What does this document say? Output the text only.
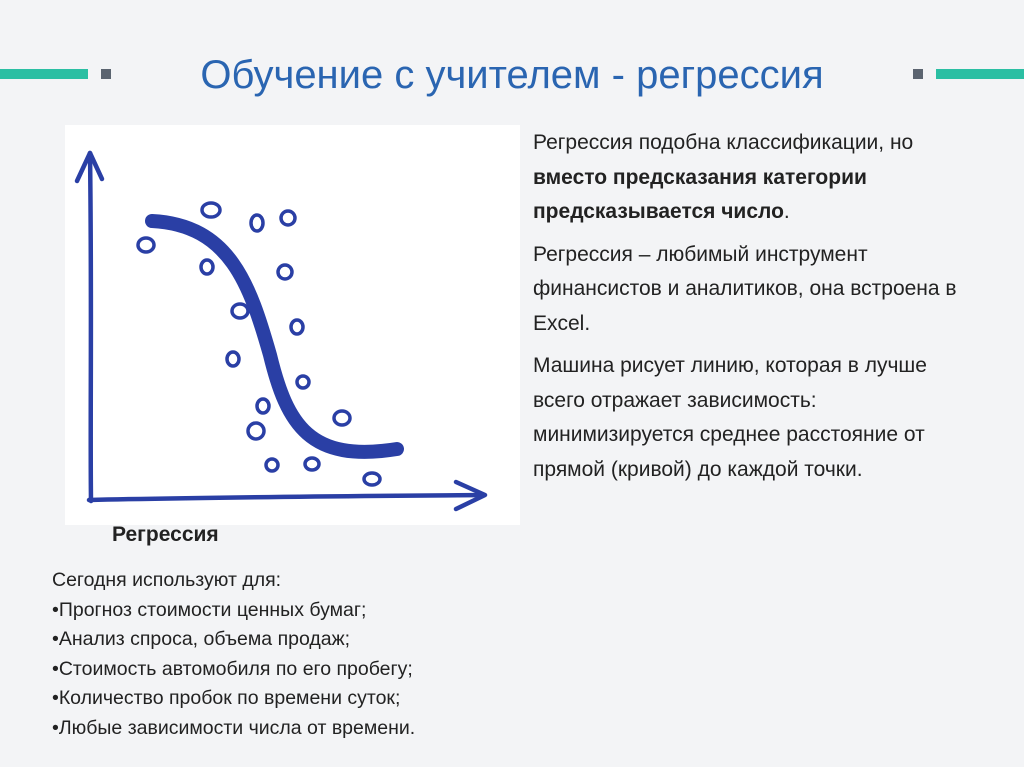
Обучение с учителем - регрессия
Регрессия
Сегодня используют для:
•Прогноз стоимости ценных бумаг;
•Анализ спроса, объема продаж;
•Стоимость автомобиля по его пробегу;
•Количество пробок по времени суток;
•Любые зависимости числа от времени.

Регрессия подобна классификации, но вместо предсказания категории предсказывается число.

Регрессия – любимый инструмент финансистов и аналитиков, она встроена в Excel.

Машина рисует линию, которая в лучше всего отражает зависимость: минимизируется среднее расстояние от прямой (кривой) до каждой точки.
